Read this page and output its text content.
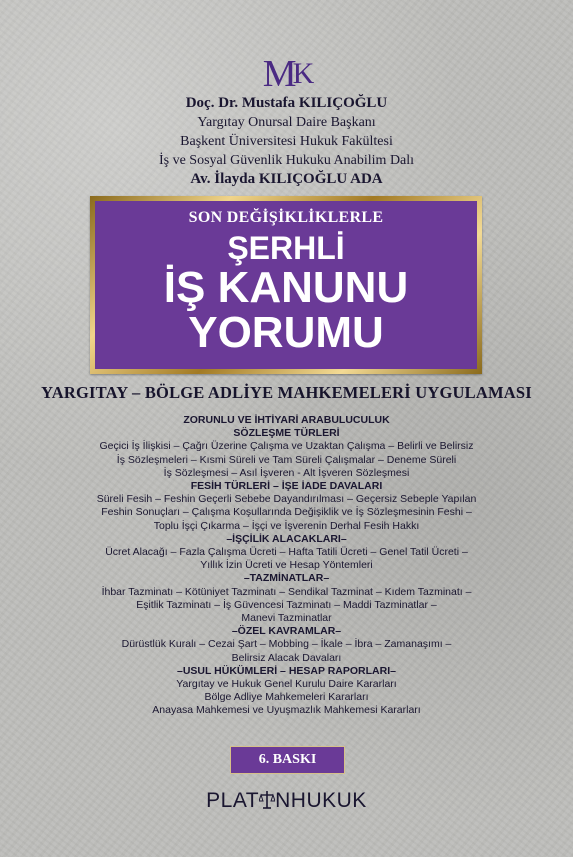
MK
Doç. Dr. Mustafa KILIÇOĞLU
Yargıtay Onursal Daire Başkanı
Başkent Üniversitesi Hukuk Fakültesi
İş ve Sosyal Güvenlik Hukuku Anabilim Dalı
Av. İlayda KILIÇOĞLU ADA
SON DEĞİŞİKLİKLERLE
ŞERHLİ
İŞ KANUNU
YORUMU
YARGITAY – BÖLGE ADLİYE MAHKEMELERİ UYGULAMASI
ZORUNLU VE İHTİYARİ ARABULUCULUK
SÖZLEŞME TÜRLERİ
Geçici İş İlişkisi – Çağrı Üzerine Çalışma ve Uzaktan Çalışma – Belirli ve Belirsiz
İş Sözleşmeleri – Kısmi Süreli ve Tam Süreli Çalışmalar – Deneme Süreli
İş Sözleşmesi – Asıl İşveren - Alt İşveren Sözleşmesi
FESİH TÜRLERİ – İŞE İADE DAVALARI
Süreli Fesih – Feshin Geçerli Sebebe Dayandırılması – Geçersiz Sebeple Yapılan
Feshin Sonuçları – Çalışma Koşullarında Değişiklik ve İş Sözleşmesinin Feshi –
Toplu İşçi Çıkarma – İşçi ve İşverenin Derhal Fesih Hakkı
–İŞÇİLİK ALACAKLARI–
Ücret Alacağı – Fazla Çalışma Ücreti – Hafta Tatili Ücreti – Genel Tatil Ücreti –
Yıllık İzin Ücreti ve Hesap Yöntemleri
–TAZMİNATLAR–
İhbar Tazminatı – Kötüniyet Tazminatı – Sendikal Tazminat – Kıdem Tazminatı –
Eşitlik Tazminatı – İş Güvencesi Tazminatı – Maddi Tazminatlar –
Manevi Tazminatlar
–ÖZEL KAVRAMLAR–
Dürüstlük Kuralı – Cezai Şart – Mobbing – İkale – İbra – Zamanaşımı –
Belirsiz Alacak Davaları
–USUL HÜKÜMLERİ – HESAP RAPORLARI–
Yargıtay ve Hukuk Genel Kurulu Daire Kararları
Bölge Adliye Mahkemeleri Kararları
Anayasa Mahkemesi ve Uyuşmazlık Mahkemesi Kararları
6. BASKI
PLAT NHUKUK
